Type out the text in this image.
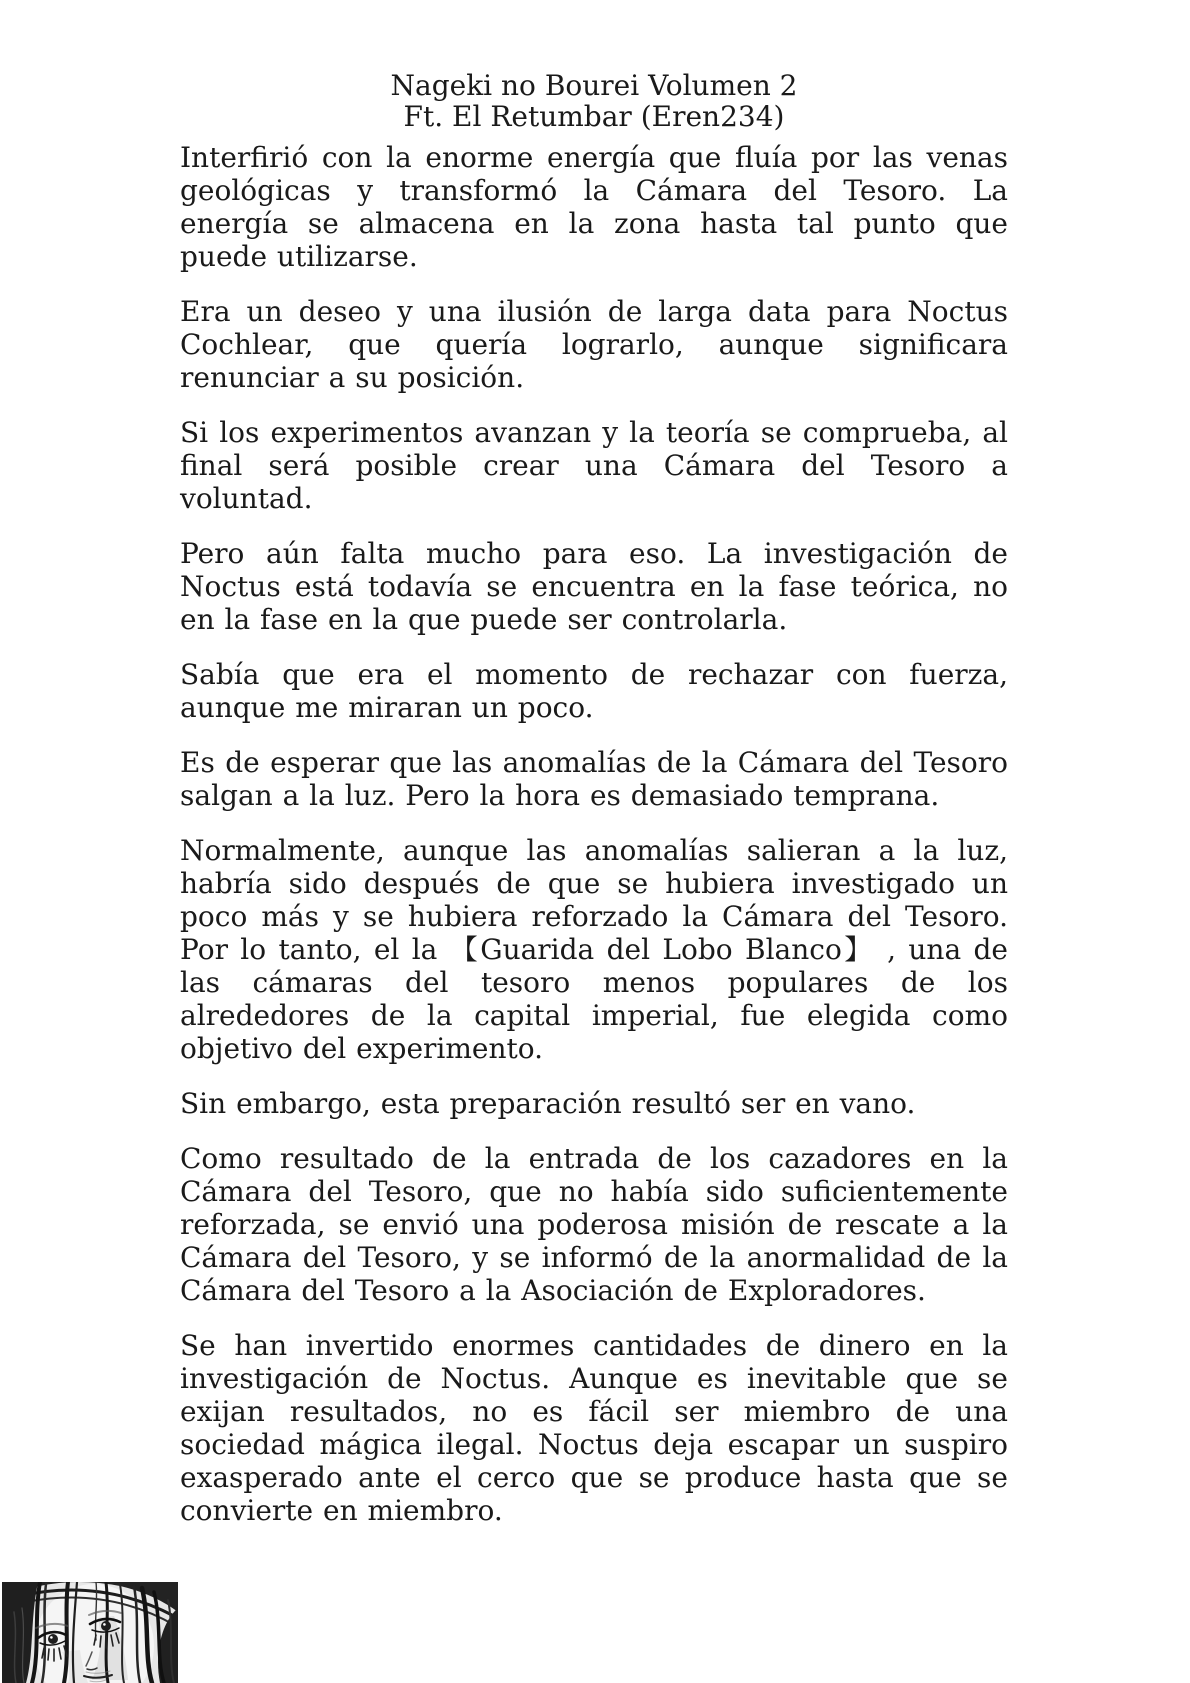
Nageki no Bourei Volumen 2
Ft. El Retumbar (Eren234)

Interfirió con la enorme energía que fluía por las venas geológicas y transformó la Cámara del Tesoro. La energía se almacena en la zona hasta tal punto que puede utilizarse.

Era un deseo y una ilusión de larga data para Noctus Cochlear, que quería lograrlo, aunque significara renunciar a su posición.

Si los experimentos avanzan y la teoría se comprueba, al final será posible crear una Cámara del Tesoro a voluntad.

Pero aún falta mucho para eso. La investigación de Noctus está todavía se encuentra en la fase teórica, no en la fase en la que puede ser controlarla.

Sabía que era el momento de rechazar con fuerza, aunque me miraran un poco.

Es de esperar que las anomalías de la Cámara del Tesoro salgan a la luz. Pero la hora es demasiado temprana.

Normalmente, aunque las anomalías salieran a la luz, habría sido después de que se hubiera investigado un poco más y se hubiera reforzado la Cámara del Tesoro. Por lo tanto, el la 【Guarida del Lobo Blanco】 , una de las cámaras del tesoro menos populares de los alrededores de la capital imperial, fue elegida como objetivo del experimento.

Sin embargo, esta preparación resultó ser en vano.

Como resultado de la entrada de los cazadores en la Cámara del Tesoro, que no había sido suficientemente reforzada, se envió una poderosa misión de rescate a la Cámara del Tesoro, y se informó de la anormalidad de la Cámara del Tesoro a la Asociación de Exploradores.

Se han invertido enormes cantidades de dinero en la investigación de Noctus. Aunque es inevitable que se exijan resultados, no es fácil ser miembro de una sociedad mágica ilegal. Noctus deja escapar un suspiro exasperado ante el cerco que se produce hasta que se convierte en miembro.
